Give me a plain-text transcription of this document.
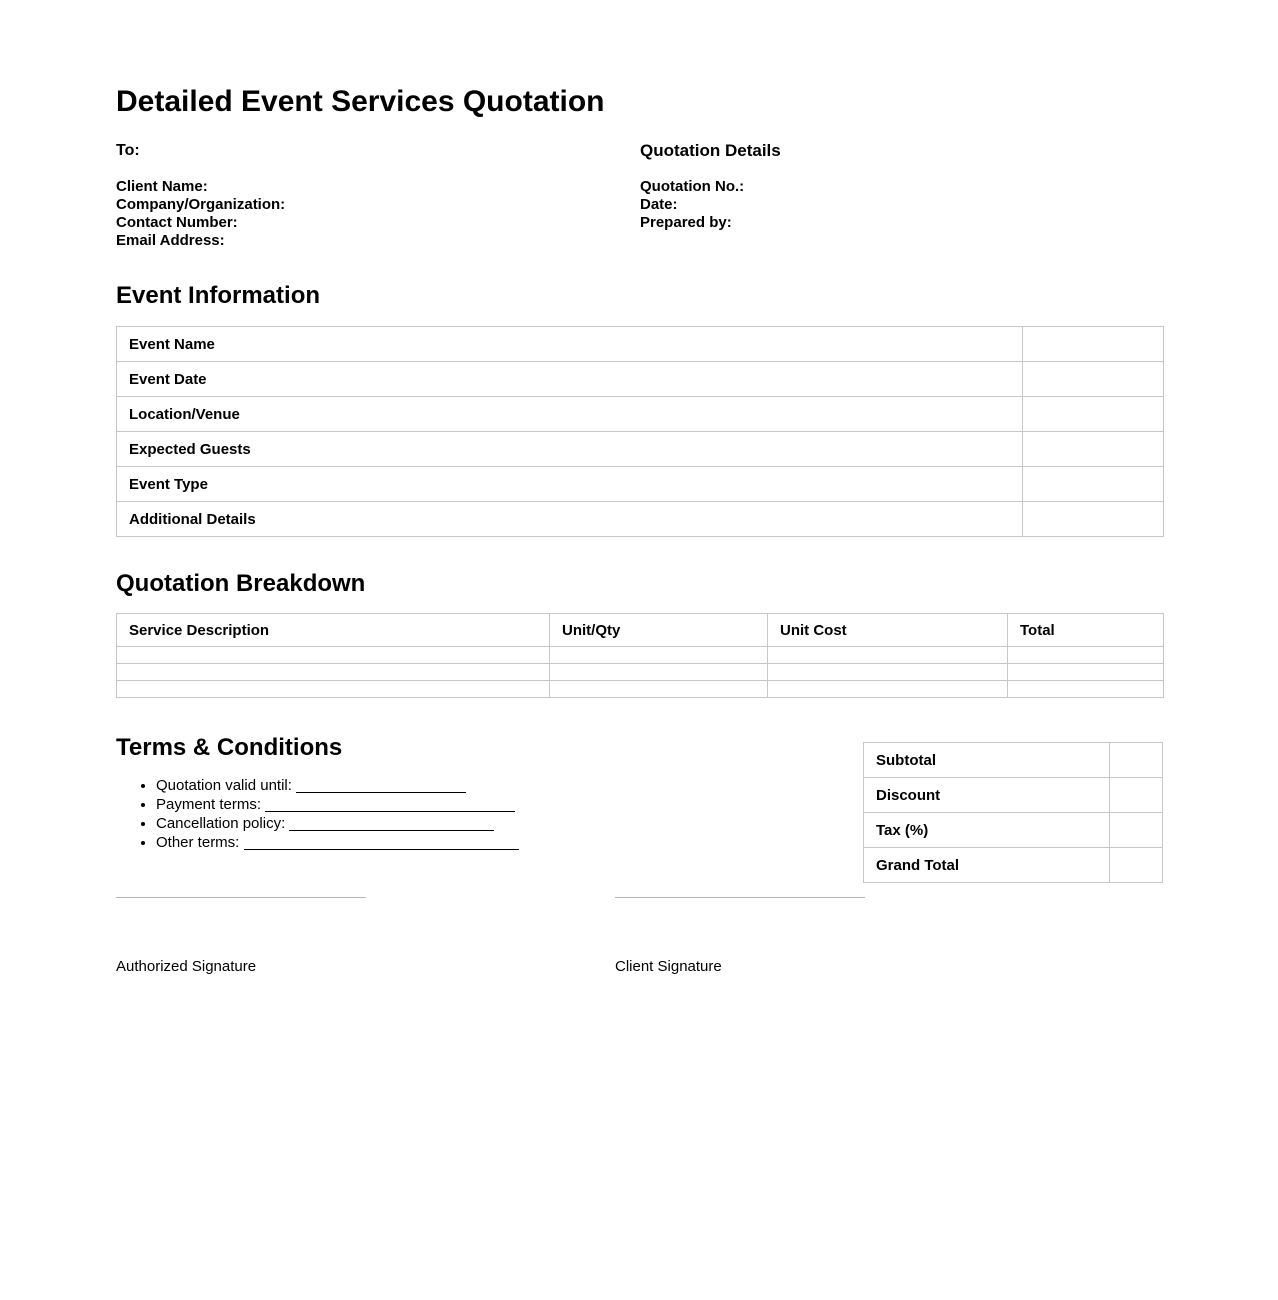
Detailed Event Services Quotation
To:
Client Name:
Company/Organization:
Contact Number:
Email Address:
Quotation Details
Quotation No.:
Date:
Prepared by:
Event Information
Event Name	
Event Date	
Location/Venue	
Expected Guests	
Event Type	
Additional Details	
Quotation Breakdown
Service Description	Unit/Qty	Unit Cost	Total

Terms & Conditions
• Quotation valid until:
• Payment terms:
• Cancellation policy:
• Other terms:
Subtotal	
Discount	
Tax (%)	
Grand Total	
Authorized Signature	Client Signature
